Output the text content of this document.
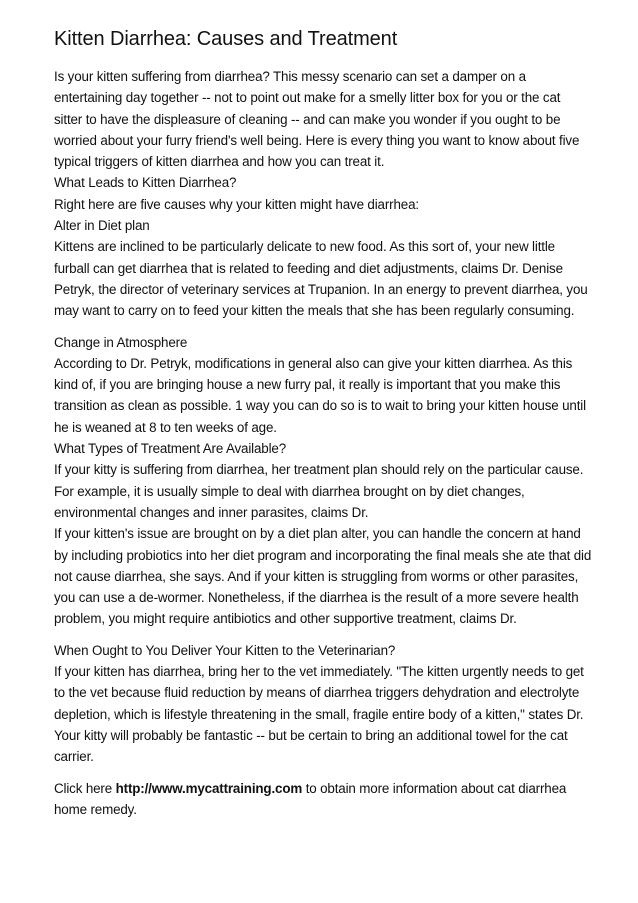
Kitten Diarrhea: Causes and Treatment
Is your kitten suffering from diarrhea? This messy scenario can set a damper on a
entertaining day together -- not to point out make for a smelly litter box for you or the cat
sitter to have the displeasure of cleaning -- and can make you wonder if you ought to be
worried about your furry friend's well being. Here is every thing you want to know about five
typical triggers of kitten diarrhea and how you can treat it.
What Leads to Kitten Diarrhea?
Right here are five causes why your kitten might have diarrhea:
Alter in Diet plan
Kittens are inclined to be particularly delicate to new food. As this sort of, your new little
furball can get diarrhea that is related to feeding and diet adjustments, claims Dr. Denise
Petryk, the director of veterinary services at Trupanion. In an energy to prevent diarrhea, you
may want to carry on to feed your kitten the meals that she has been regularly consuming.
Change in Atmosphere
According to Dr. Petryk, modifications in general also can give your kitten diarrhea. As this
kind of, if you are bringing house a new furry pal, it really is important that you make this
transition as clean as possible. 1 way you can do so is to wait to bring your kitten house until
he is weaned at 8 to ten weeks of age.
What Types of Treatment Are Available?
If your kitty is suffering from diarrhea, her treatment plan should rely on the particular cause.
For example, it is usually simple to deal with diarrhea brought on by diet changes,
environmental changes and inner parasites, claims Dr.
If your kitten's issue are brought on by a diet plan alter, you can handle the concern at hand
by including probiotics into her diet program and incorporating the final meals she ate that did
not cause diarrhea, she says. And if your kitten is struggling from worms or other parasites,
you can use a de-wormer. Nonetheless, if the diarrhea is the result of a more severe health
problem, you might require antibiotics and other supportive treatment, claims Dr.
When Ought to You Deliver Your Kitten to the Veterinarian?
If your kitten has diarrhea, bring her to the vet immediately. "The kitten urgently needs to get
to the vet because fluid reduction by means of diarrhea triggers dehydration and electrolyte
depletion, which is lifestyle threatening in the small, fragile entire body of a kitten," states Dr.
Your kitty will probably be fantastic -- but be certain to bring an additional towel for the cat
carrier.
Click here http://www.mycattraining.com to obtain more information about cat diarrhea
home remedy.
